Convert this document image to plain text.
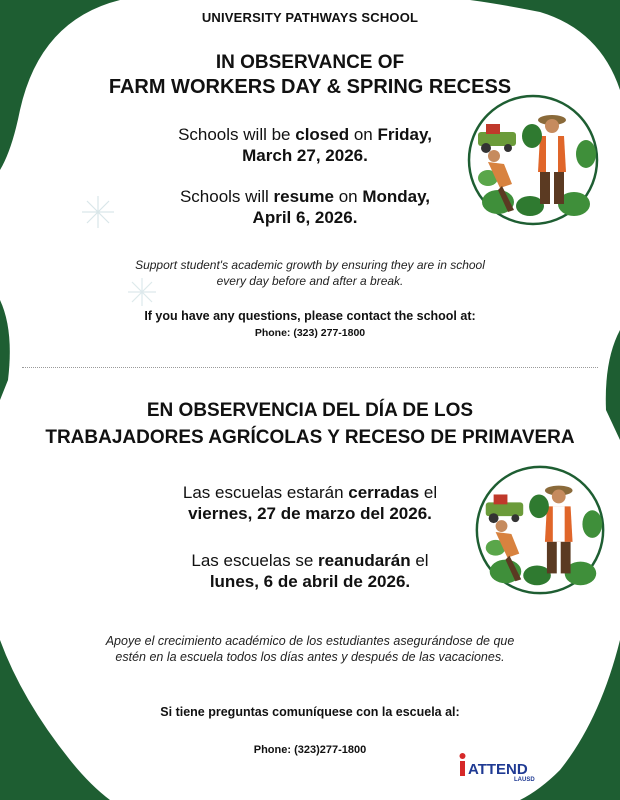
UNIVERSITY PATHWAYS SCHOOL

IN OBSERVANCE OF

FARM WORKERS DAY & SPRING RECESS

Schools will be closed on Friday,
March 27, 2026.

Schools will resume on Monday,
April 6, 2026.

Support student's academic growth by ensuring they are in school
every day before and after a break.

If you have any questions, please contact the school at:

Phone: (323) 277-1800

EN OBSERVENCIA DEL DÍA DE LOS

TRABAJADORES AGRÍCOLAS Y RECESO DE PRIMAVERA

Las escuelas estarán cerradas el
viernes, 27 de marzo del 2026.

Las escuelas se reanudarán el
lunes, 6 de abril de 2026.

Apoye el crecimiento académico de los estudiantes asegurándose de que
estén en la escuela todos los días antes y después de las vacaciones.

Si tiene preguntas comuníquese con la escuela al:

Phone: (323)277-1800

ATTEND
LAUSD
